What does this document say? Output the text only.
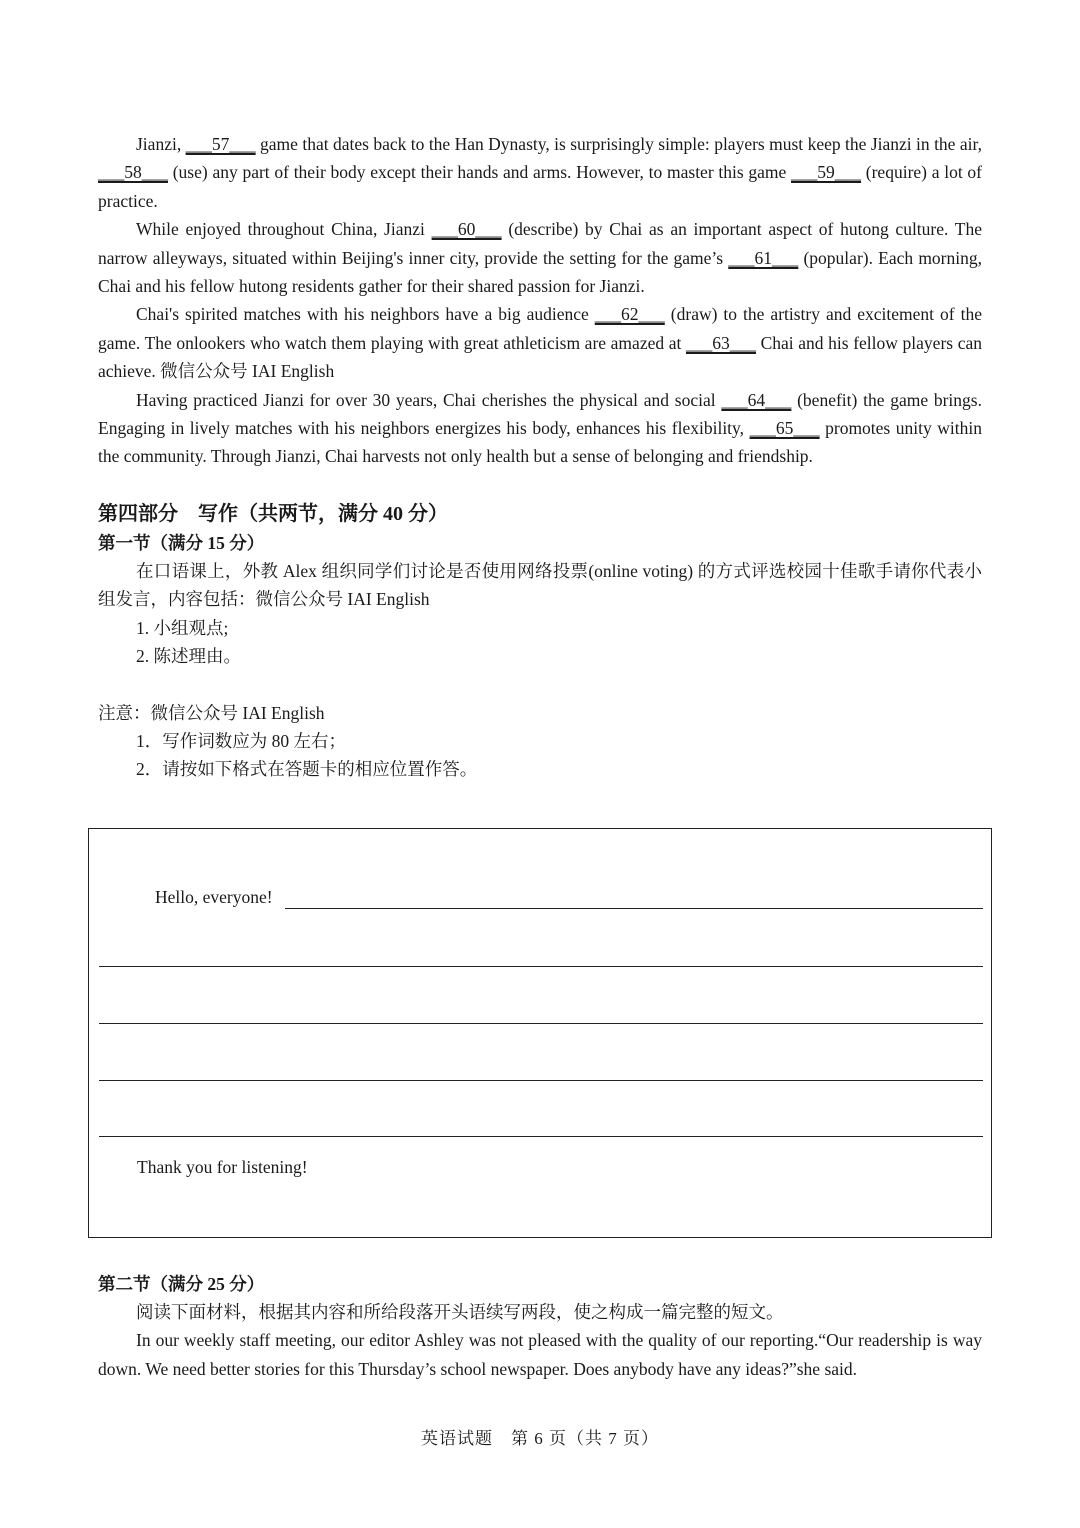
Jianzi, ___57___ game that dates back to the Han Dynasty, is surprisingly simple: players must keep the Jianzi in the air, ___58___ (use) any part of their body except their hands and arms. However, to master this game ___59___ (require) a lot of practice.

While enjoyed throughout China, Jianzi ___60___ (describe) by Chai as an important aspect of hutong culture. The narrow alleyways, situated within Beijing's inner city, provide the setting for the game’s ___61___ (popular). Each morning, Chai and his fellow hutong residents gather for their shared passion for Jianzi.

Chai's spirited matches with his neighbors have a big audience ___62___ (draw) to the artistry and excitement of the game. The onlookers who watch them playing with great athleticism are amazed at ___63___ Chai and his fellow players can achieve. 微信公众号 IAI English

Having practiced Jianzi for over 30 years, Chai cherishes the physical and social ___64___ (benefit) the game brings. Engaging in lively matches with his neighbors energizes his body, enhances his flexibility, ___65___ promotes unity within the community. Through Jianzi, Chai harvests not only health but a sense of belonging and friendship.

第四部分　写作（共两节，满分 40 分）
第一节（满分 15 分）

在口语课上，外教 Alex 组织同学们讨论是否使用网络投票(online voting) 的方式评选校园十佳歌手请你代表小组发言，内容包括：微信公众号 IAI English

1. 小组观点;
2. 陈述理由。

注意：微信公众号 IAI English

1．写作词数应为 80 左右；
2．请按如下格式在答题卡的相应位置作答。
Hello, everyone!
Thank you for listening!
第二节（满分 25 分）

阅读下面材料，根据其内容和所给段落开头语续写两段，使之构成一篇完整的短文。

In our weekly staff meeting, our editor Ashley was not pleased with the quality of our reporting.“Our readership is way down. We need better stories for this Thursday’s school newspaper. Does anybody have any ideas?”she said.

英语试题　第 6 页（共 7 页）
